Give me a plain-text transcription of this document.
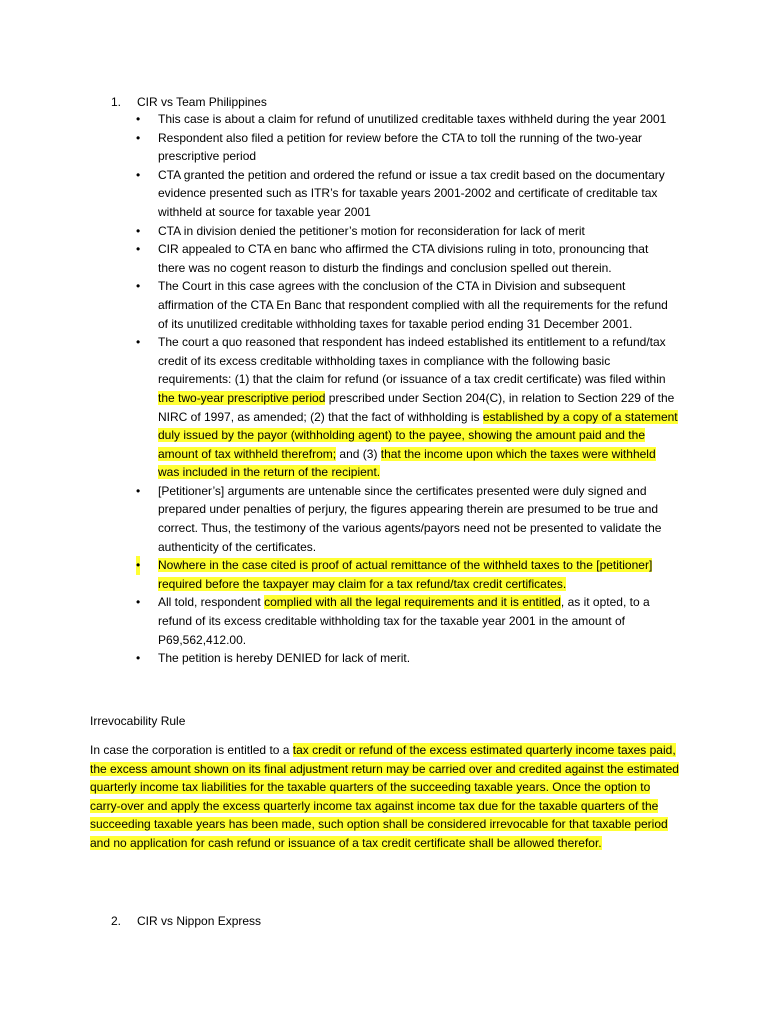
1. CIR vs Team Philippines
• This case is about a claim for refund of unutilized creditable taxes withheld during the year 2001
• Respondent also filed a petition for review before the CTA to toll the running of the two-year prescriptive period
• CTA granted the petition and ordered the refund or issue a tax credit based on the documentary evidence presented such as ITR’s for taxable years 2001-2002 and certificate of creditable tax withheld at source for taxable year 2001
• CTA in division denied the petitioner’s motion for reconsideration for lack of merit
• CIR appealed to CTA en banc who affirmed the CTA divisions ruling in toto, pronouncing that there was no cogent reason to disturb the findings and conclusion spelled out therein.
• The Court in this case agrees with the conclusion of the CTA in Division and subsequent affirmation of the CTA En Banc that respondent complied with all the requirements for the refund of its unutilized creditable withholding taxes for taxable period ending 31 December 2001.
• The court a quo reasoned that respondent has indeed established its entitlement to a refund/tax credit of its excess creditable withholding taxes in compliance with the following basic requirements: (1) that the claim for refund (or issuance of a tax credit certificate) was filed within the two-year prescriptive period prescribed under Section 204(C), in relation to Section 229 of the NIRC of 1997, as amended; (2) that the fact of withholding is established by a copy of a statement duly issued by the payor (withholding agent) to the payee, showing the amount paid and the amount of tax withheld therefrom; and (3) that the income upon which the taxes were withheld was included in the return of the recipient.
• [Petitioner’s] arguments are untenable since the certificates presented were duly signed and prepared under penalties of perjury, the figures appearing therein are presumed to be true and correct. Thus, the testimony of the various agents/payors need not be presented to validate the authenticity of the certificates.
• Nowhere in the case cited is proof of actual remittance of the withheld taxes to the [petitioner] required before the taxpayer may claim for a tax refund/tax credit certificates.
• All told, respondent complied with all the legal requirements and it is entitled, as it opted, to a refund of its excess creditable withholding tax for the taxable year 2001 in the amount of P69,562,412.00.
• The petition is hereby DENIED for lack of merit.
Irrevocability Rule
In case the corporation is entitled to a tax credit or refund of the excess estimated quarterly income taxes paid, the excess amount shown on its final adjustment return may be carried over and credited against the estimated quarterly income tax liabilities for the taxable quarters of the succeeding taxable years. Once the option to carry-over and apply the excess quarterly income tax against income tax due for the taxable quarters of the succeeding taxable years has been made, such option shall be considered irrevocable for that taxable period and no application for cash refund or issuance of a tax credit certificate shall be allowed therefor.
2. CIR vs Nippon Express
